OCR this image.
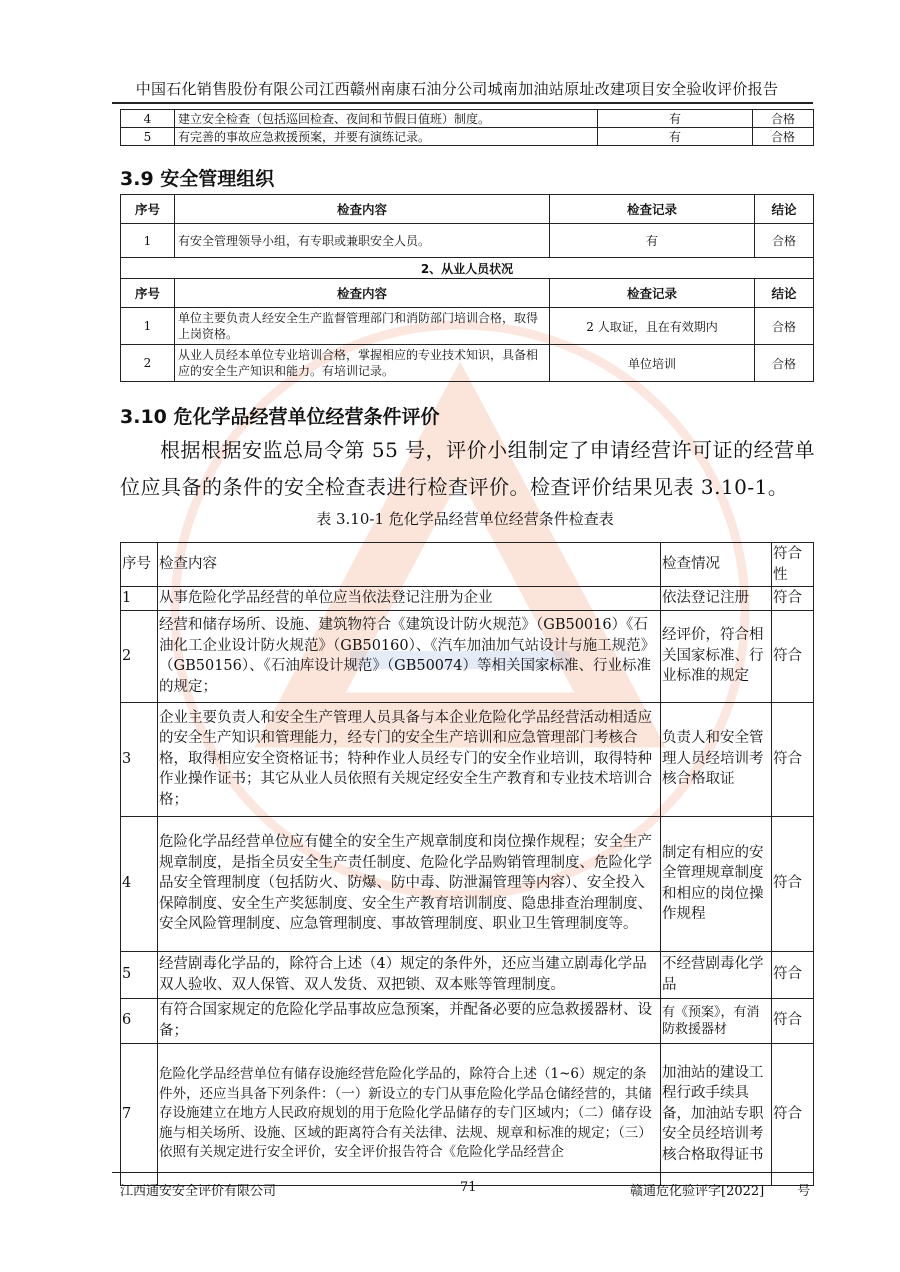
中国石化销售股份有限公司江西赣州南康石油分公司城南加油站原址改建项目安全验收评价报告
4	建立安全检查（包括巡回检查、夜间和节假日值班）制度。	有	合格
5	有完善的事故应急救援预案，并要有演练记录。	有	合格
3.9 安全管理组织
序号	检查内容	检查记录	结论
1	有安全管理领导小组，有专职或兼职安全人员。	有	合格
2、从业人员状况			
序号	检查内容	检查记录	结论
1	单位主要负责人经安全生产监督管理部门和消防部门培训合格，取得上岗资格。	2 人取证，且在有效期内	合格
2	从业人员经本单位专业培训合格，掌握相应的专业技术知识，具备相应的安全生产知识和能力。有培训记录。	单位培训	合格
3.10 危化学品经营单位经营条件评价
根据根据安监总局令第 55 号，评价小组制定了申请经营许可证的经营单位应具备的条件的安全检查表进行检查评价。检查评价结果见表 3.10-1。
表 3.10-1 危化学品经营单位经营条件检查表
序号	检查内容	检查情况	符合性
1	从事危险化学品经营的单位应当依法登记注册为企业	依法登记注册	符合
2	经营和储存场所、设施、建筑物符合《建筑设计防火规范》（GB50016）《石油化工企业设计防火规范》（GB50160）、《汽车加油加气站设计与施工规范》（GB50156）、《石油库设计规范》（GB50074）等相关国家标准、行业标准的规定；	经评价，符合相关国家标准、行业标准的规定	符合
3	企业主要负责人和安全生产管理人员具备与本企业危险化学品经营活动相适应的安全生产知识和管理能力，经专门的安全生产培训和应急管理部门考核合格，取得相应安全资格证书；特种作业人员经专门的安全作业培训，取得特种作业操作证书；其它从业人员依照有关规定经安全生产教育和专业技术培训合格；	负责人和安全管理人员经培训考核合格取证	符合
4	危险化学品经营单位应有健全的安全生产规章制度和岗位操作规程；安全生产规章制度，是指全员安全生产责任制度、危险化学品购销管理制度、危险化学品安全管理制度（包括防火、防爆、防中毒、防泄漏管理等内容）、安全投入保障制度、安全生产奖惩制度、安全生产教育培训制度、隐患排查治理制度、安全风险管理制度、应急管理制度、事故管理制度、职业卫生管理制度等。	制定有相应的安全管理规章制度和相应的岗位操作规程	符合
5	经营剧毒化学品的，除符合上述（4）规定的条件外，还应当建立剧毒化学品双人验收、双人保管、双人发货、双把锁、双本账等管理制度。	不经营剧毒化学品	符合
6	有符合国家规定的危险化学品事故应急预案，并配备必要的应急救援器材、设备；	有《预案》，有消防救援器材	符合
7	危险化学品经营单位有储存设施经营危险化学品的，除符合上述（1~6）规定的条件外，还应当具备下列条件：（一）新设立的专门从事危险化学品仓储经营的，其储存设施建立在地方人民政府规划的用于危险化学品储存的专门区域内；（二）储存设施与相关场所、设施、区域的距离符合有关法律、法规、规章和标准的规定；（三）依照有关规定进行安全评价，安全评价报告符合《危险化学品经营企	加油站的建设工程行政手续具备，加油站专职安全员经培训考核合格取得证书	符合
江西通安安全评价有限公司	71	赣通危化验评字[2022]        号
